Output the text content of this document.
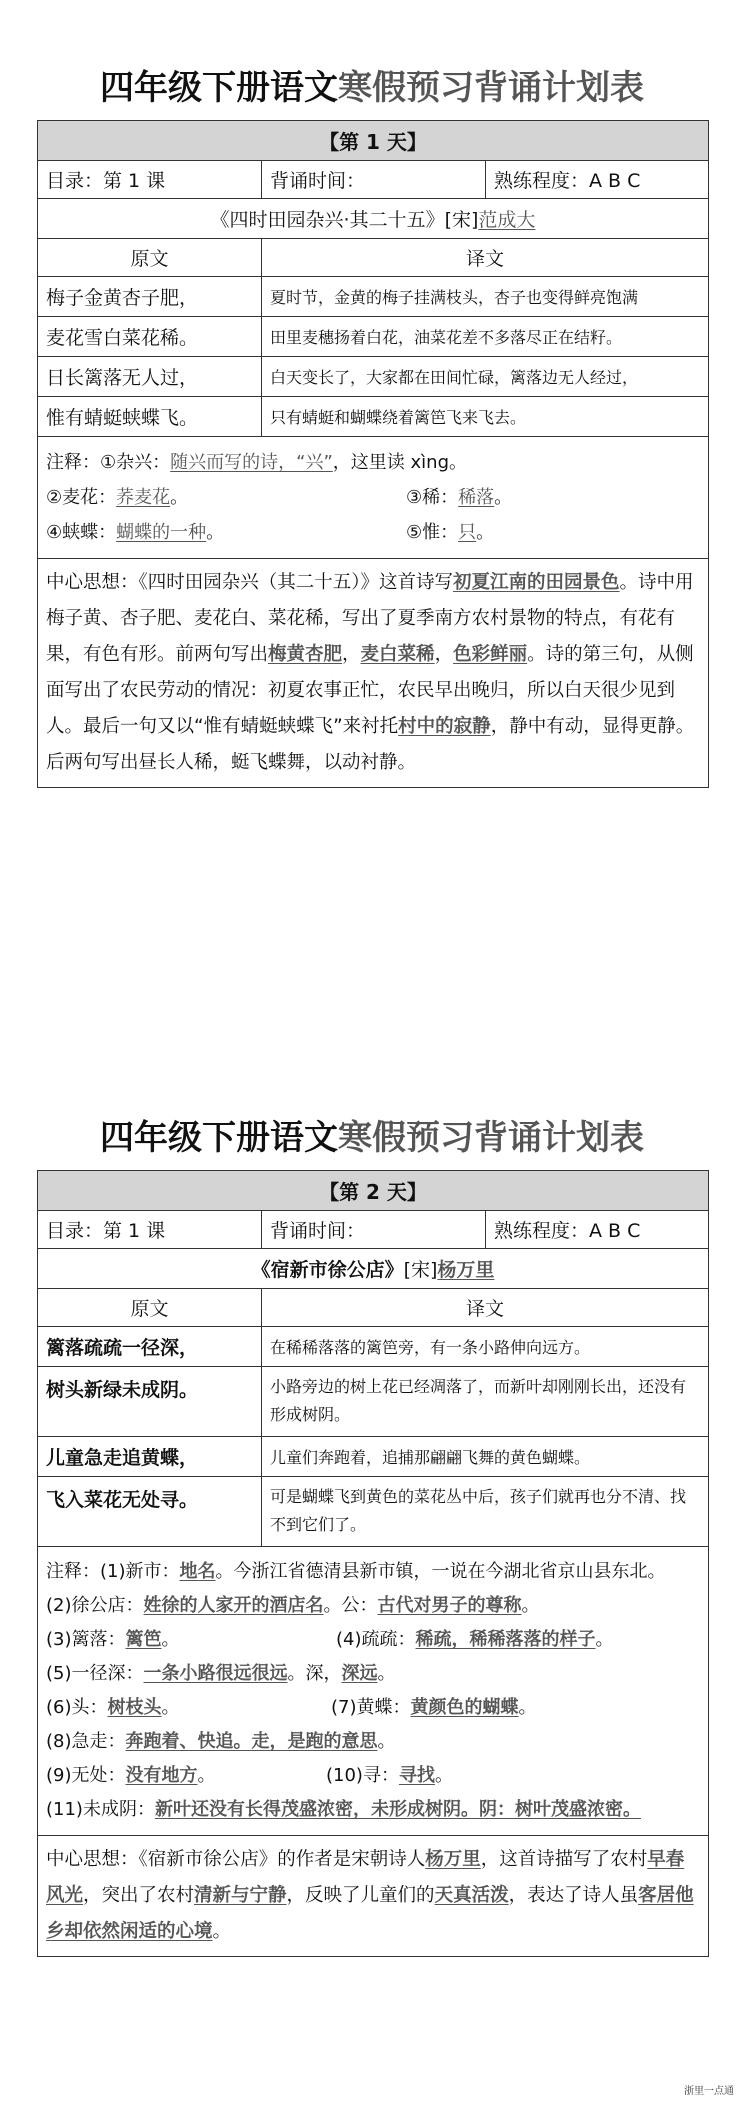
四年级下册语文寒假预习背诵计划表
【第 1 天】
目录：第 1 课	背诵时间：	熟练程度：A B C
《四时田园杂兴·其二十五》[宋] 范成大
原文	译文
梅子金黄杏子肥，	夏时节，金黄的梅子挂满枝头，杏子也变得鲜亮饱满
麦花雪白菜花稀。	田里麦穗扬着白花，油菜花差不多落尽正在结籽。
日长篱落无人过，	白天变长了，大家都在田间忙碌，篱落边无人经过，
惟有蜻蜓蛱蝶飞。	只有蜻蜓和蝴蝶绕着篱笆飞来飞去。
注释：①杂兴：随兴而写的诗，“兴”，这里读 xìng。
②麦花：荞麦花。	③稀：稀落。
④蛱蝶：蝴蝶的一种。	⑤惟：只。
中心思想：《四时田园杂兴（其二十五）》这首诗写初夏江南的田园景色。诗中用梅子黄、杏子肥、麦花白、菜花稀，写出了夏季南方农村景物的特点，有花有果，有色有形。前两句写出梅黄杏肥，麦白菜稀，色彩鲜丽。诗的第三句，从侧面写出了农民劳动的情况：初夏农事正忙，农民早出晚归，所以白天很少见到人。最后一句又以“惟有蜻蜓蛱蝶飞”来衬托村中的寂静，静中有动，显得更静。后两句写出昼长人稀，蜓飞蝶舞，以动衬静。
四年级下册语文寒假预习背诵计划表
【第 2 天】
目录：第 1 课	背诵时间：	熟练程度：A B C
《宿新市徐公店》 [宋] 杨万里
原文	译文
篱落疏疏一径深，	在稀稀落落的篱笆旁，有一条小路伸向远方。
树头新绿未成阴。	小路旁边的树上花已经凋落了，而新叶却刚刚长出，还没有形成树阴。
儿童急走追黄蝶，	儿童们奔跑着，追捕那翩翩飞舞的黄色蝴蝶。
飞入菜花无处寻。	可是蝴蝶飞到黄色的菜花丛中后，孩子们就再也分不清、找不到它们了。
注释：(1)新市：地名。今浙江省德清县新市镇，一说在今湖北省京山县东北。
(2)徐公店：姓徐的人家开的酒店名。公：古代对男子的尊称。
(3)篱落：篱笆。	(4)疏疏：稀疏，稀稀落落的样子。
(5)一径深：一条小路很远很远。深，深远。
(6)头：树枝头。	(7)黄蝶：黄颜色的蝴蝶。
(8)急走：奔跑着、快追。走，是跑的意思。
(9)无处：没有地方。	(10)寻：寻找。
(11)未成阴：新叶还没有长得茂盛浓密，未形成树阴。阴：树叶茂盛浓密。
中心思想：《宿新市徐公店》的作者是宋朝诗人杨万里，这首诗描写了农村早春风光，突出了农村清新与宁静，反映了儿童们的天真活泼，表达了诗人虽客居他乡却依然闲适的心境。
浙里一点通
